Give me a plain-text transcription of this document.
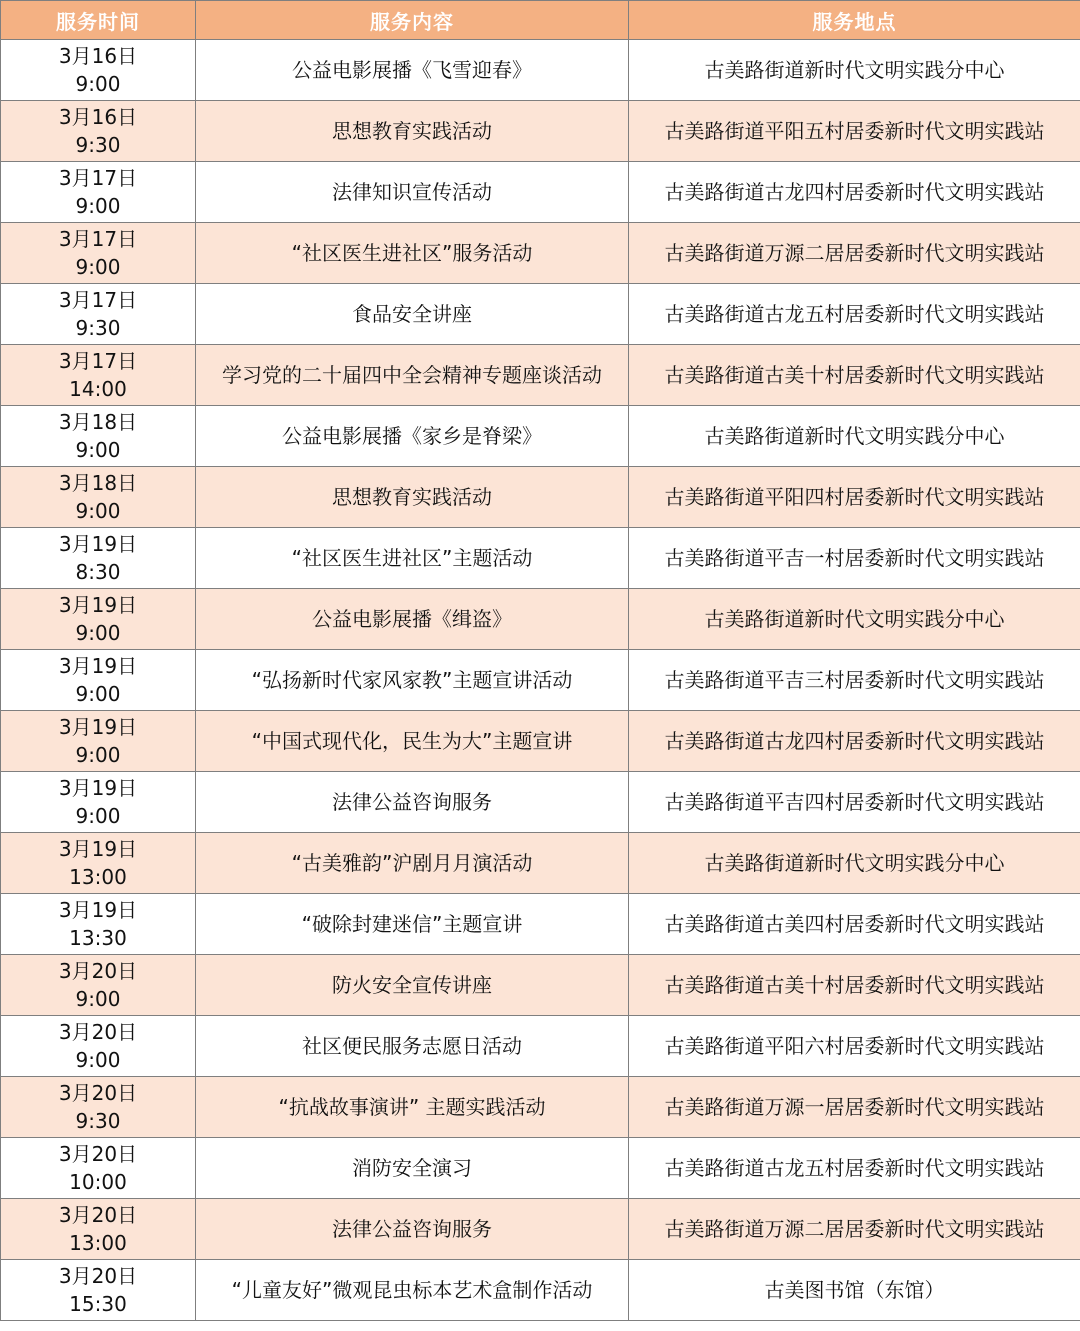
服务时间	服务内容	服务地点

3月16日
9:00	公益电影展播《飞雪迎春》	古美路街道新时代文明实践分中心

3月16日
9:30	思想教育实践活动	古美路街道平阳五村居委新时代文明实践站

3月17日
9:00	法律知识宣传活动	古美路街道古龙四村居委新时代文明实践站

3月17日
9:00	“社区医生进社区”服务活动	古美路街道万源二居居委新时代文明实践站

3月17日
9:30	食品安全讲座	古美路街道古龙五村居委新时代文明实践站

3月17日
14:00	学习党的二十届四中全会精神专题座谈活动	古美路街道古美十村居委新时代文明实践站

3月18日
9:00	公益电影展播《家乡是脊梁》	古美路街道新时代文明实践分中心

3月18日
9:00	思想教育实践活动	古美路街道平阳四村居委新时代文明实践站

3月19日
8:30	“社区医生进社区”主题活动	古美路街道平吉一村居委新时代文明实践站

3月19日
9:00	公益电影展播《缉盗》	古美路街道新时代文明实践分中心

3月19日
9:00	“弘扬新时代家风家教”主题宣讲活动	古美路街道平吉三村居委新时代文明实践站

3月19日
9:00	“中国式现代化，民生为大”主题宣讲	古美路街道古龙四村居委新时代文明实践站

3月19日
9:00	法律公益咨询服务	古美路街道平吉四村居委新时代文明实践站

3月19日
13:00	“古美雅韵”沪剧月月演活动	古美路街道新时代文明实践分中心

3月19日
13:30	“破除封建迷信”主题宣讲	古美路街道古美四村居委新时代文明实践站

3月20日
9:00	防火安全宣传讲座	古美路街道古美十村居委新时代文明实践站

3月20日
9:00	社区便民服务志愿日活动	古美路街道平阳六村居委新时代文明实践站

3月20日
9:30	“抗战故事演讲” 主题实践活动	古美路街道万源一居居委新时代文明实践站

3月20日
10:00	消防安全演习	古美路街道古龙五村居委新时代文明实践站

3月20日
13:00	法律公益咨询服务	古美路街道万源二居居委新时代文明实践站

3月20日
15:30	“儿童友好”微观昆虫标本艺术盒制作活动	古美图书馆（东馆）
